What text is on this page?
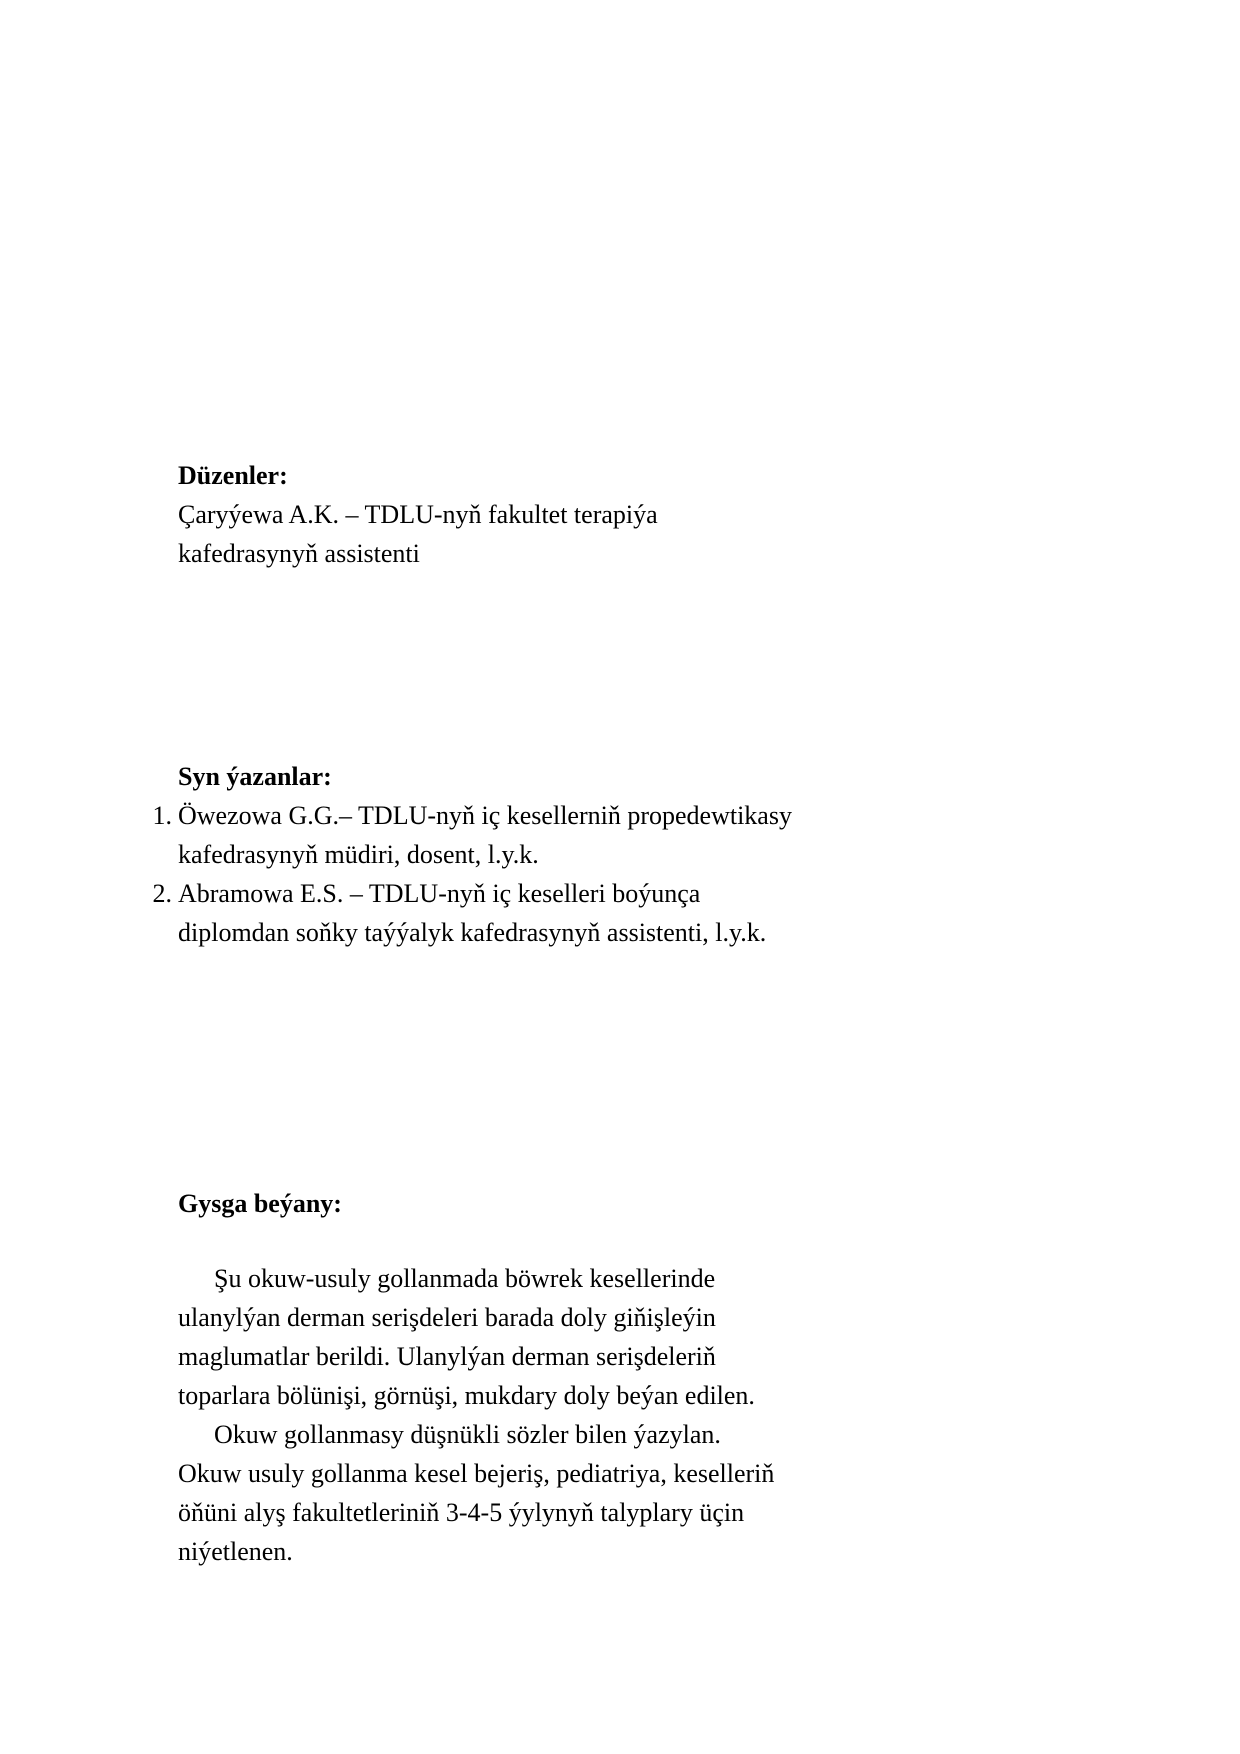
Düzenler:
Çaryýewa A.K. – TDLU-nyň fakultet terapiýa
kafedrasynyň assistenti
Syn ýazanlar:
1. Öwezowa G.G.– TDLU-nyň iç kesellerniň propedewtikasy
kafedrasynyň müdiri, dosent, l.y.k.
2. Abramowa E.S. – TDLU-nyň iç keselleri boýunça
diplomdan soňky taýýalyk kafedrasynyň assistenti, l.y.k.
Gysga beýany:
Şu okuw-usuly gollanmada böwrek kesellerinde
ulanylýan derman serişdeleri barada doly giňişleýin
maglumatlar berildi. Ulanylýan derman serişdeleriň
toparlara bölünişi, görnüşi, mukdary doly beýan edilen.
Okuw gollanmasy düşnükli sözler bilen ýazylan.
Okuw usuly gollanma kesel bejeriş, pediatriya, keselleriň
öňüni alyş fakultetleriniň 3-4-5 ýylynyň talyplary üçin
niýetlenen.
